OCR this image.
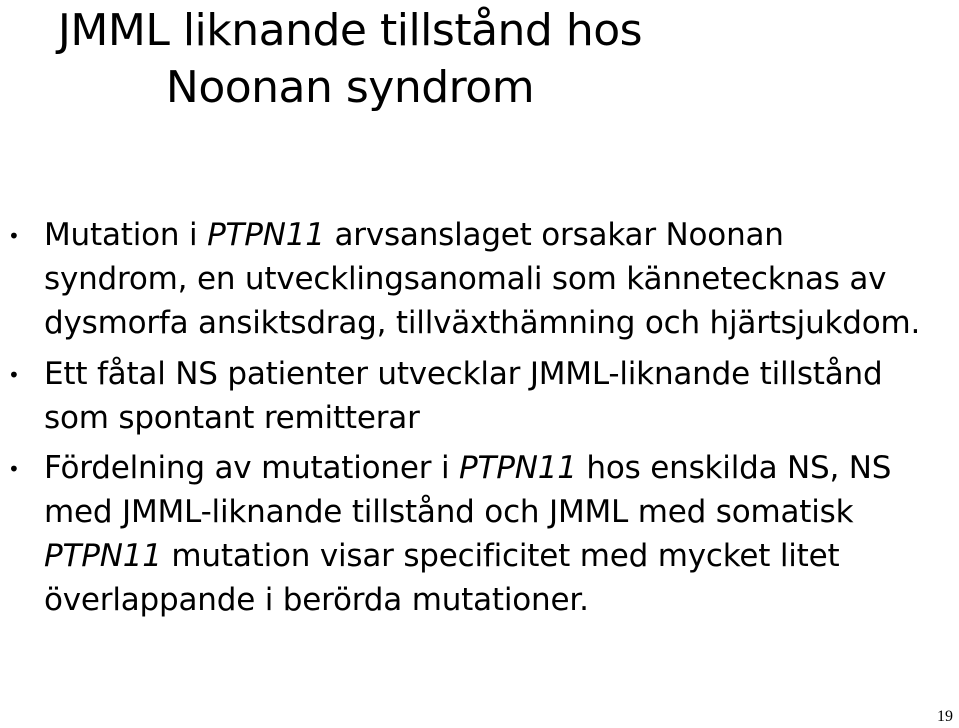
JMML liknande tillstånd hos
Noonan syndrom
• Mutation i PTPN11 arvsanslaget orsakar Noonan syndrom, en utvecklingsanomali som kännetecknas av dysmorfa ansiktsdrag, tillväxthämning och hjärtsjukdom.
• Ett fåtal NS patienter utvecklar JMML-liknande tillstånd som spontant remitterar
• Fördelning av mutationer i PTPN11 hos enskilda NS, NS med JMML-liknande tillstånd och JMML med somatisk PTPN11 mutation visar specificitet med mycket litet överlappande i berörda mutationer.
19
